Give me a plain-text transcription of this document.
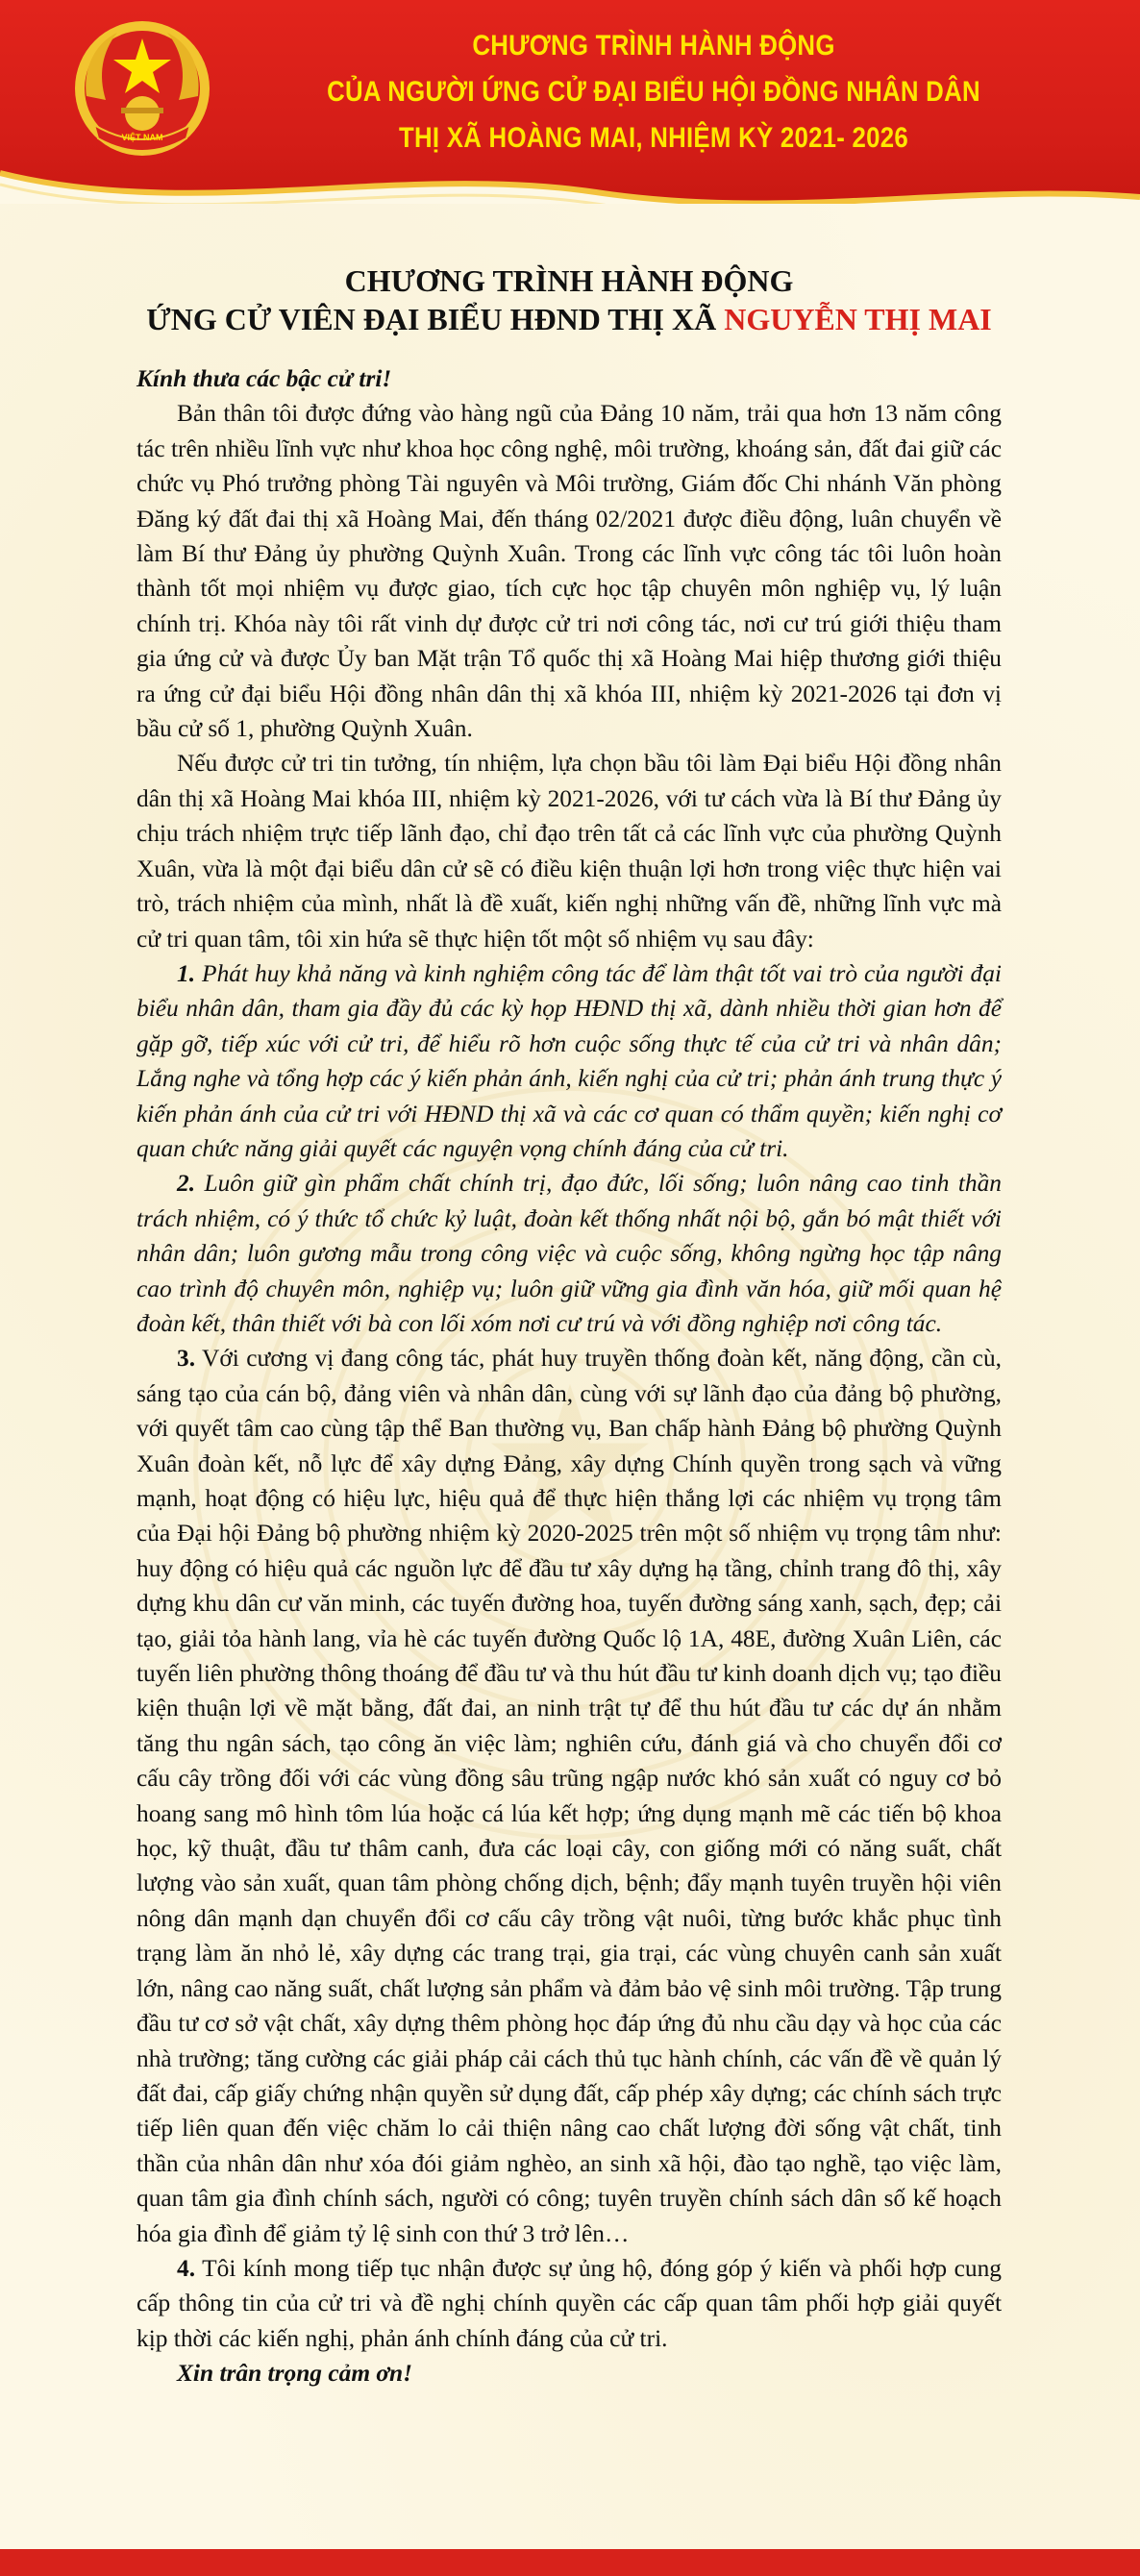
VIỆT NAM
CHƯƠNG TRÌNH HÀNH ĐỘNG
CỦA NGƯỜI ỨNG CỬ ĐẠI BIỂU HỘI ĐỒNG NHÂN DÂN
THỊ XÃ HOÀNG MAI, NHIỆM KỲ 2021- 2026
CHƯƠNG TRÌNH HÀNH ĐỘNG
ỨNG CỬ VIÊN ĐẠI BIỂU HĐND THỊ XÃ NGUYỄN THỊ MAI
Kính thưa các bậc cử tri!

Bản thân tôi được đứng vào hàng ngũ của Đảng 10 năm, trải qua hơn 13 năm công tác trên nhiều lĩnh vực như khoa học công nghệ, môi trường, khoáng sản, đất đai giữ các chức vụ Phó trưởng phòng Tài nguyên và Môi trường, Giám đốc Chi nhánh Văn phòng Đăng ký đất đai thị xã Hoàng Mai, đến tháng 02/2021 được điều động, luân chuyển về làm Bí thư Đảng ủy phường Quỳnh Xuân. Trong các lĩnh vực công tác tôi luôn hoàn thành tốt mọi nhiệm vụ được giao, tích cực học tập chuyên môn nghiệp vụ, lý luận chính trị. Khóa này tôi rất vinh dự được cử tri nơi công tác, nơi cư trú giới thiệu tham gia ứng cử và được Ủy ban Mặt trận Tổ quốc thị xã Hoàng Mai hiệp thương giới thiệu ra ứng cử đại biểu Hội đồng nhân dân thị xã khóa III, nhiệm kỳ 2021-2026 tại đơn vị bầu cử số 1, phường Quỳnh Xuân.

Nếu được cử tri tin tưởng, tín nhiệm, lựa chọn bầu tôi làm Đại biểu Hội đồng nhân dân thị xã Hoàng Mai khóa III, nhiệm kỳ 2021-2026, với tư cách vừa là Bí thư Đảng ủy chịu trách nhiệm trực tiếp lãnh đạo, chỉ đạo trên tất cả các lĩnh vực của phường Quỳnh Xuân, vừa là một đại biểu dân cử sẽ có điều kiện thuận lợi hơn trong việc thực hiện vai trò, trách nhiệm của mình, nhất là đề xuất, kiến nghị những vấn đề, những lĩnh vực mà cử tri quan tâm, tôi xin hứa sẽ thực hiện tốt một số nhiệm vụ sau đây:

1. Phát huy khả năng và kinh nghiệm công tác để làm thật tốt vai trò của người đại biểu nhân dân, tham gia đầy đủ các kỳ họp HĐND thị xã, dành nhiều thời gian hơn để gặp gỡ, tiếp xúc với cử tri, để hiểu rõ hơn cuộc sống thực tế của cử tri và nhân dân; Lắng nghe và tổng hợp các ý kiến phản ánh, kiến nghị của cử tri; phản ánh trung thực ý kiến phản ánh của cử tri với HĐND thị xã và các cơ quan có thẩm quyền; kiến nghị cơ quan chức năng giải quyết các nguyện vọng chính đáng của cử tri.

2. Luôn giữ gìn phẩm chất chính trị, đạo đức, lối sống; luôn nâng cao tinh thần trách nhiệm, có ý thức tổ chức kỷ luật, đoàn kết thống nhất nội bộ, gắn bó mật thiết với nhân dân; luôn gương mẫu trong công việc và cuộc sống, không ngừng học tập nâng cao trình độ chuyên môn, nghiệp vụ; luôn giữ vững gia đình văn hóa, giữ mối quan hệ đoàn kết, thân thiết với bà con lối xóm nơi cư trú và với đồng nghiệp nơi công tác.

3. Với cương vị đang công tác, phát huy truyền thống đoàn kết, năng động, cần cù, sáng tạo của cán bộ, đảng viên và nhân dân, cùng với sự lãnh đạo của đảng bộ phường, với quyết tâm cao cùng tập thể Ban thường vụ, Ban chấp hành Đảng bộ phường Quỳnh Xuân đoàn kết, nỗ lực để xây dựng Đảng, xây dựng Chính quyền trong sạch và vững mạnh, hoạt động có hiệu lực, hiệu quả để thực hiện thắng lợi các nhiệm vụ trọng tâm của Đại hội Đảng bộ phường nhiệm kỳ 2020-2025 trên một số nhiệm vụ trọng tâm như: huy động có hiệu quả các nguồn lực để đầu tư xây dựng hạ tầng, chỉnh trang đô thị, xây dựng khu dân cư văn minh, các tuyến đường hoa, tuyến đường sáng xanh, sạch, đẹp; cải tạo, giải tỏa hành lang, vỉa hè các tuyến đường Quốc lộ 1A, 48E, đường Xuân Liên, các tuyến liên phường thông thoáng để đầu tư và thu hút đầu tư kinh doanh dịch vụ; tạo điều kiện thuận lợi về mặt bằng, đất đai, an ninh trật tự để thu hút đầu tư các dự án nhằm tăng thu ngân sách, tạo công ăn việc làm; nghiên cứu, đánh giá và cho chuyển đổi cơ cấu cây trồng đối với các vùng đồng sâu trũng ngập nước khó sản xuất có nguy cơ bỏ hoang sang mô hình tôm lúa hoặc cá lúa kết hợp; ứng dụng mạnh mẽ các tiến bộ khoa học, kỹ thuật, đầu tư thâm canh, đưa các loại cây, con giống mới có năng suất, chất lượng vào sản xuất, quan tâm phòng chống dịch, bệnh; đẩy mạnh tuyên truyền hội viên nông dân mạnh dạn chuyển đổi cơ cấu cây trồng vật nuôi, từng bước khắc phục tình trạng làm ăn nhỏ lẻ, xây dựng các trang trại, gia trại, các vùng chuyên canh sản xuất lớn, nâng cao năng suất, chất lượng sản phẩm và đảm bảo vệ sinh môi trường. Tập trung đầu tư cơ sở vật chất, xây dựng thêm phòng học đáp ứng đủ nhu cầu dạy và học của các nhà trường; tăng cường các giải pháp cải cách thủ tục hành chính, các vấn đề về quản lý đất đai, cấp giấy chứng nhận quyền sử dụng đất, cấp phép xây dựng; các chính sách trực tiếp liên quan đến việc chăm lo cải thiện nâng cao chất lượng đời sống vật chất, tinh thần của nhân dân như xóa đói giảm nghèo, an sinh xã hội, đào tạo nghề, tạo việc làm, quan tâm gia đình chính sách, người có công; tuyên truyền chính sách dân số kế hoạch hóa gia đình để giảm tỷ lệ sinh con thứ 3 trở lên…

4. Tôi kính mong tiếp tục nhận được sự ủng hộ, đóng góp ý kiến và phối hợp cung cấp thông tin của cử tri và đề nghị chính quyền các cấp quan tâm phối hợp giải quyết kịp thời các kiến nghị, phản ánh chính đáng của cử tri.

Xin trân trọng cảm ơn!
